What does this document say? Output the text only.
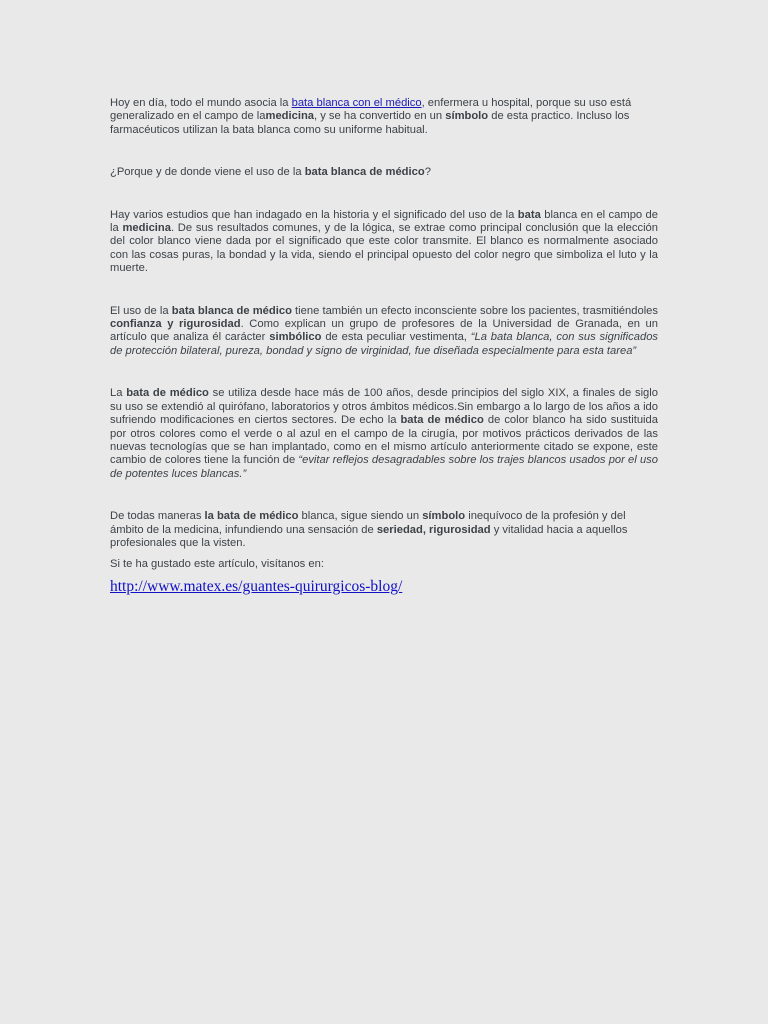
Hoy en día, todo el mundo asocia la bata blanca con el médico, enfermera u hospital, porque su uso está generalizado en el campo de lamedicina, y se ha convertido en un símbolo de esta practico. Incluso los farmacéuticos utilizan la bata blanca como su uniforme habitual.

¿Porque y de donde viene el uso de la bata blanca de médico?

Hay varios estudios que han indagado en la historia y el significado del uso de la bata blanca en el campo de la medicina. De sus resultados comunes, y de la lógica, se extrae como principal conclusión que la elección del color blanco viene dada por el significado que este color transmite. El blanco es normalmente asociado con las cosas puras, la bondad y la vida, siendo el principal opuesto del color negro que simboliza el luto y la muerte.

El uso de la bata blanca de médico tiene también un efecto inconsciente sobre los pacientes, trasmitiéndoles confianza y rigurosidad. Como explican un grupo de profesores de la Universidad de Granada, en un artículo que analiza él carácter simbólico de esta peculiar vestimenta, “La bata blanca, con sus significados de protección bilateral, pureza, bondad y signo de virginidad, fue diseñada especialmente para esta tarea”

La bata de médico se utiliza desde hace más de 100 años, desde principios del siglo XIX, a finales de siglo su uso se extendió al quirófano, laboratorios y otros ámbitos médicos.Sin embargo a lo largo de los años a ido sufriendo modificaciones en ciertos sectores. De echo la bata de médico de color blanco ha sido sustituida por otros colores como el verde o al azul en el campo de la cirugía, por motivos prácticos derivados de las nuevas tecnologías que se han implantado, como en el mismo artículo anteriormente citado se expone, este cambio de colores tiene la función de “evitar reflejos desagradables sobre los trajes blancos usados por el uso de potentes luces blancas.”

De todas maneras la bata de médico blanca, sigue siendo un símbolo inequívoco de la profesión y del ámbito de la medicina, infundiendo una sensación de seriedad, rigurosidad y vitalidad hacia a aquellos profesionales que la visten.

Si te ha gustado este artículo, visítanos en:

http://www.matex.es/guantes-quirurgicos-blog/
